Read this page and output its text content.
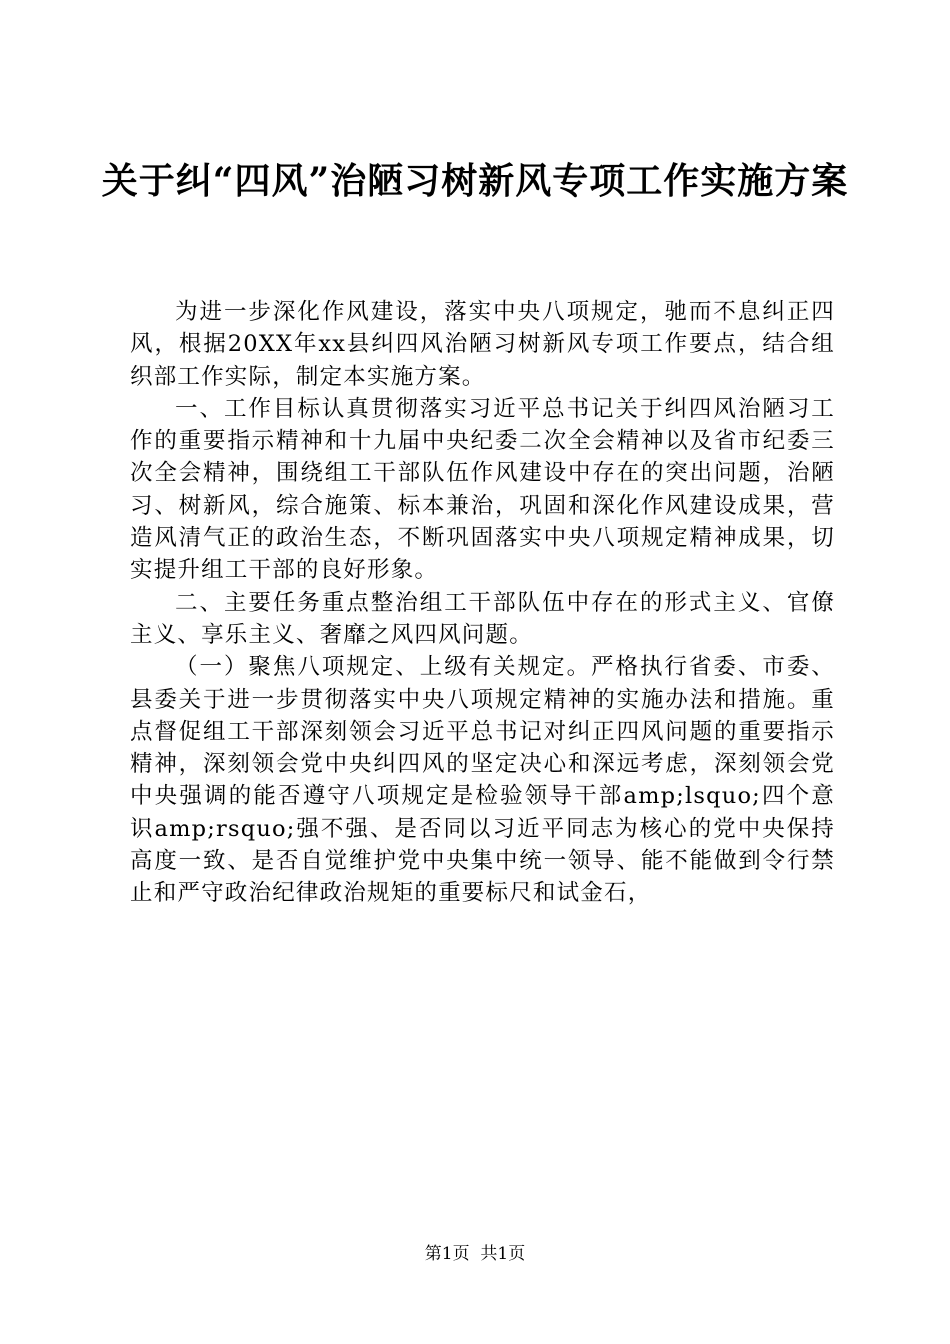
关于纠“四风”治陋习树新风专项工作实施方案

为进一步深化作风建设，落实中央八项规定，驰而不息纠正四风，根据20XX年xx县纠四风治陋习树新风专项工作要点，结合组织部工作实际，制定本实施方案。

一、工作目标认真贯彻落实习近平总书记关于纠四风治陋习工作的重要指示精神和十九届中央纪委二次全会精神以及省市纪委三次全会精神，围绕组工干部队伍作风建设中存在的突出问题，治陋习、树新风，综合施策、标本兼治，巩固和深化作风建设成果，营造风清气正的政治生态，不断巩固落实中央八项规定精神成果，切实提升组工干部的良好形象。

二、主要任务重点整治组工干部队伍中存在的形式主义、官僚主义、享乐主义、奢靡之风四风问题。

（一）聚焦八项规定、上级有关规定。严格执行省委、市委、县委关于进一步贯彻落实中央八项规定精神的实施办法和措施。重点督促组工干部深刻领会习近平总书记对纠正四风问题的重要指示精神，深刻领会党中央纠四风的坚定决心和深远考虑，深刻领会党中央强调的能否遵守八项规定是检验领导干部amp;lsquo;四个意识amp;rsquo;强不强、是否同以习近平同志为核心的党中央保持高度一致、是否自觉维护党中央集中统一领导、能不能做到令行禁止和严守政治纪律政治规矩的重要标尺和试金石，

第1页  共1页
